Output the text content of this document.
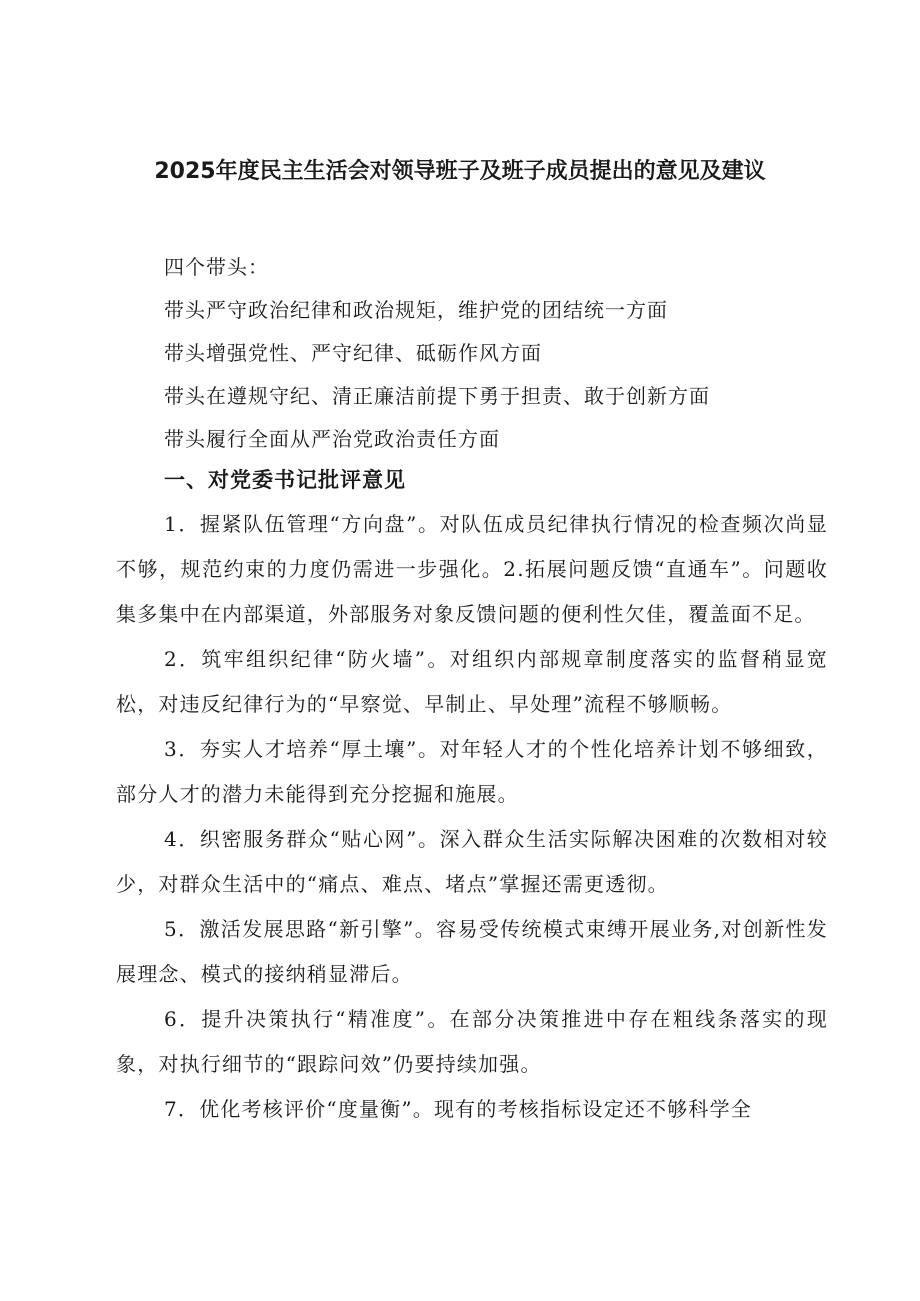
2025年度民主生活会对领导班子及班子成员提出的意见及建议
四个带头：
带头严守政治纪律和政治规矩，维护党的团结统一方面
带头增强党性、严守纪律、砥砺作风方面
带头在遵规守纪、清正廉洁前提下勇于担责、敢于创新方面
带头履行全面从严治党政治责任方面
一、对党委书记批评意见

1．握紧队伍管理“方向盘”。对队伍成员纪律执行情况的检查频次尚显不够，规范约束的力度仍需进一步强化。2.拓展问题反馈“直通车”。问题收集多集中在内部渠道，外部服务对象反馈问题的便利性欠佳，覆盖面不足。

2．筑牢组织纪律“防火墙”。对组织内部规章制度落实的监督稍显宽松，对违反纪律行为的“早察觉、早制止、早处理”流程不够顺畅。

3．夯实人才培养“厚土壤”。对年轻人才的个性化培养计划不够细致，部分人才的潜力未能得到充分挖掘和施展。

4．织密服务群众“贴心网”。深入群众生活实际解决困难的次数相对较少，对群众生活中的“痛点、难点、堵点”掌握还需更透彻。

5．激活发展思路“新引擎”。容易受传统模式束缚开展业务,对创新性发展理念、模式的接纳稍显滞后。

6．提升决策执行“精准度”。在部分决策推进中存在粗线条落实的现象，对执行细节的“跟踪问效”仍要持续加强。

7．优化考核评价“度量衡”。现有的考核指标设定还不够科学全
